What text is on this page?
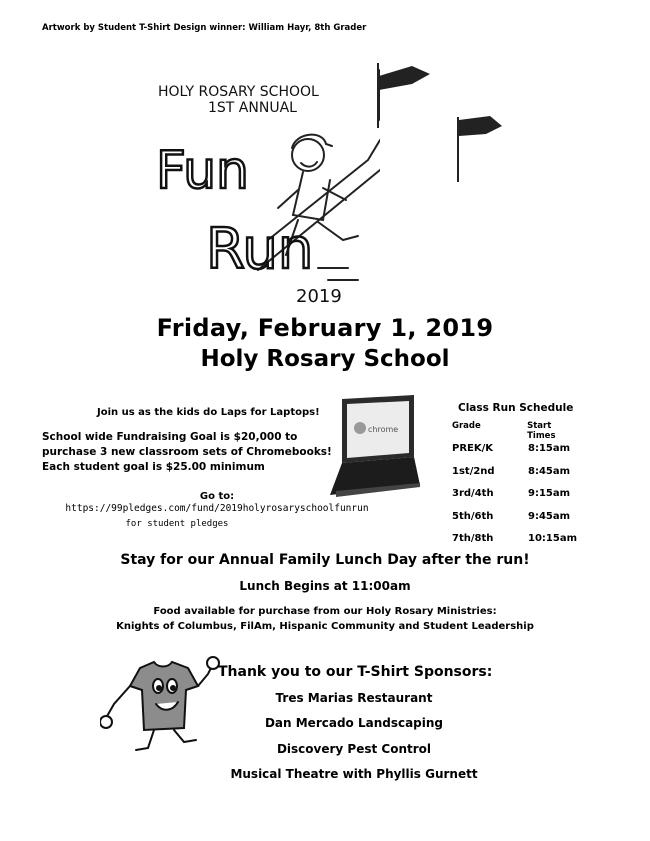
Artwork by Student T-Shirt Design winner: William Hayr, 8th Grader
HOLY ROSARY SCHOOL
1ST ANNUAL
Fun
Run
2019
Friday, February 1, 2019
Holy Rosary School
Join us as the kids do Laps for Laptops!
School wide Fundraising Goal is $20,000 to
purchase 3 new classroom sets of Chromebooks!
Each student goal is $25.00 minimum
Go to:
https://99pledges.com/fund/2019holyrosaryschoolfunrun
for student pledges
chrome
Class Run Schedule
Grade	Start Times
PREK/K	8:15am
1st/2nd	8:45am
3rd/4th	9:15am
5th/6th	9:45am
7th/8th	10:15am
Stay for our Annual Family Lunch Day after the run!
Lunch Begins at 11:00am
Food available for purchase from our Holy Rosary Ministries:
Knights of Columbus, FilAm, Hispanic Community and Student Leadership
Thank you to our T-Shirt Sponsors:
Tres Marias Restaurant
Dan Mercado Landscaping
Discovery Pest Control
Musical Theatre with Phyllis Gurnett
